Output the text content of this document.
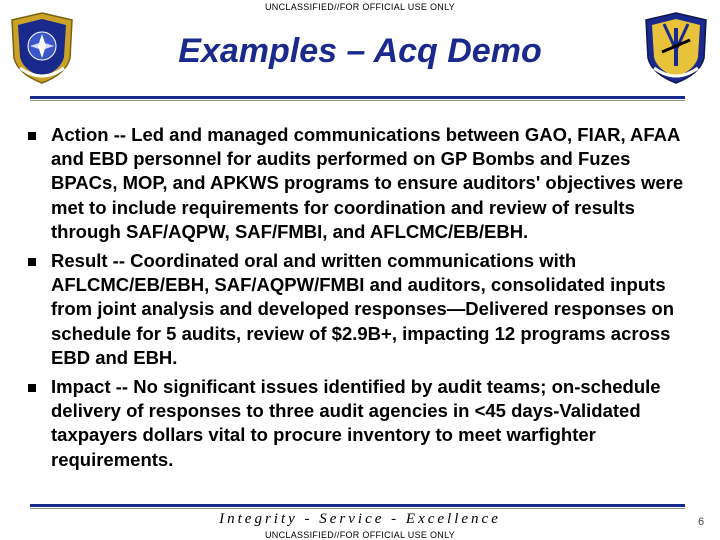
UNCLASSIFIED//FOR OFFICIAL USE ONLY
Examples – Acq Demo
Action -- Led and managed communications between GAO, FIAR, AFAA and EBD personnel for audits performed on GP Bombs and Fuzes BPACs, MOP, and APKWS programs to ensure auditors' objectives were met to include requirements for coordination and review of results through SAF/AQPW, SAF/FMBI, and AFLCMC/EB/EBH.
Result -- Coordinated oral and written communications with AFLCMC/EB/EBH, SAF/AQPW/FMBI and auditors, consolidated inputs from joint analysis and developed responses—Delivered responses on schedule for 5 audits, review of $2.9B+, impacting 12 programs across EBD and EBH.
Impact -- No significant issues identified by audit teams; on-schedule delivery of responses to three audit agencies in <45 days-Validated taxpayers dollars vital to procure inventory to meet warfighter requirements.
Integrity - Service - Excellence	6
UNCLASSIFIED//FOR OFFICIAL USE ONLY
